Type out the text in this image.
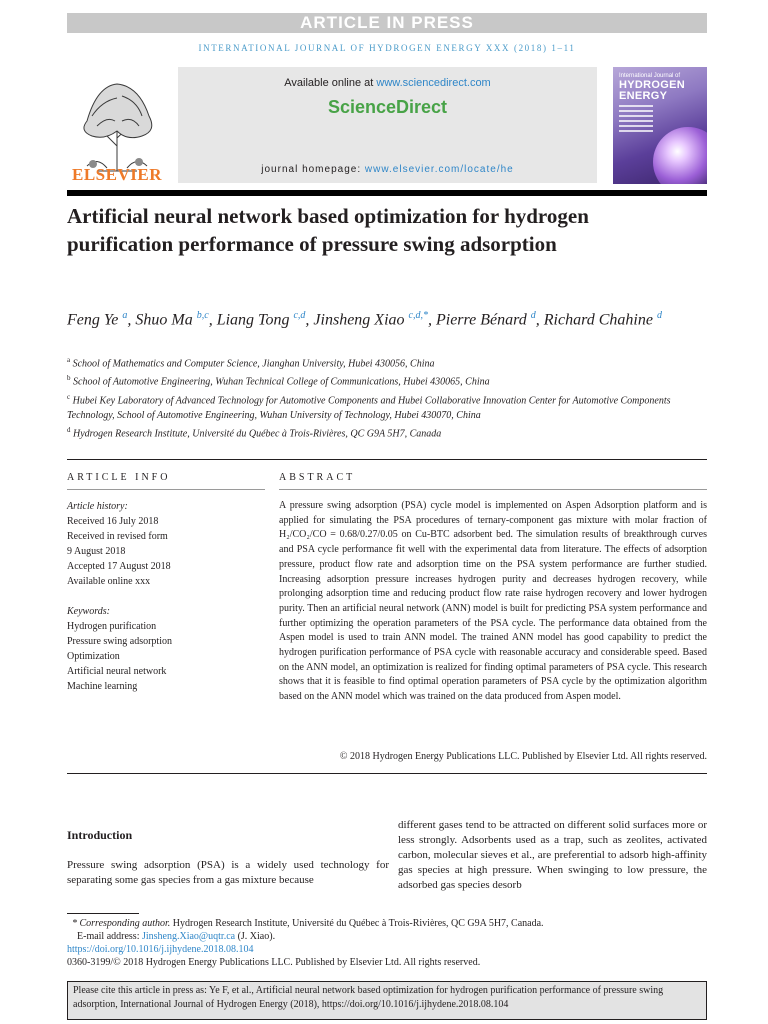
ARTICLE IN PRESS
INTERNATIONAL JOURNAL OF HYDROGEN ENERGY XXX (2018) 1–11
ELSEVIER
Available online at www.sciencedirect.com
ScienceDirect
journal homepage: www.elsevier.com/locate/he
International Journal of
HYDROGEN
ENERGY
Artificial neural network based optimization for hydrogen purification performance of pressure swing adsorption
Feng Ye $^a$, Shuo Ma $^{b,c}$, Liang Tong $^{c,d}$, Jinsheng Xiao $^{c,d,*}$, Pierre Bénard $^d$, Richard Chahine $^d$
$^a$ School of Mathematics and Computer Science, Jianghan University, Hubei 430056, China
$^b$ School of Automotive Engineering, Wuhan Technical College of Communications, Hubei 430065, China
$^c$ Hubei Key Laboratory of Advanced Technology for Automotive Components and Hubei Collaborative Innovation Center for Automotive Components Technology, School of Automotive Engineering, Wuhan University of Technology, Hubei 430070, China
$^d$ Hydrogen Research Institute, Université du Québec à Trois-Rivières, QC G9A 5H7, Canada
ARTICLE INFO	ABSTRACT
Article history:
Received 16 July 2018
Received in revised form
9 August 2018
Accepted 17 August 2018
Available online xxx
Keywords:
Hydrogen purification
Pressure swing adsorption
Optimization
Artificial neural network
Machine learning
A pressure swing adsorption (PSA) cycle model is implemented on Aspen Adsorption platform and is applied for simulating the PSA procedures of ternary-component gas mixture with molar fraction of H₂/CO₂/CO = 0.68/0.27/0.05 on Cu-BTC adsorbent bed. The simulation results of breakthrough curves and PSA cycle performance fit well with the experimental data from literature. The effects of adsorption pressure, product flow rate and adsorption time on the PSA system performance are further studied. Increasing adsorption pressure increases hydrogen purity and decreases hydrogen recovery, while prolonging adsorption time and reducing product flow rate raise hydrogen recovery and lower hydrogen purity. Then an artificial neural network (ANN) model is built for predicting PSA system performance and further optimizing the operation parameters of the PSA cycle. The performance data obtained from the Aspen model is used to train ANN model. The trained ANN model has good capability to predict the hydrogen purification performance of PSA cycle with reasonable accuracy and considerable speed. Based on the ANN model, an optimization is realized for finding optimal parameters of PSA cycle. This research shows that it is feasible to find optimal operation parameters of PSA cycle by the optimization algorithm based on the ANN model which was trained on the data produced from Aspen model.
© 2018 Hydrogen Energy Publications LLC. Published by Elsevier Ltd. All rights reserved.
Introduction
Pressure swing adsorption (PSA) is a widely used technology for separating some gas species from a gas mixture because
different gases tend to be attracted on different solid surfaces more or less strongly. Adsorbents used as a trap, such as zeolites, activated carbon, molecular sieves et al., are preferential to adsorb high-affinity gas species at high pressure. When swinging to low pressure, the adsorbed gas species desorb
* Corresponding author. Hydrogen Research Institute, Université du Québec à Trois-Rivières, QC G9A 5H7, Canada.
E-mail address: Jinsheng.Xiao@uqtr.ca (J. Xiao).
https://doi.org/10.1016/j.ijhydene.2018.08.104
0360-3199/© 2018 Hydrogen Energy Publications LLC. Published by Elsevier Ltd. All rights reserved.
Please cite this article in press as: Ye F, et al., Artificial neural network based optimization for hydrogen purification performance of pressure swing adsorption, International Journal of Hydrogen Energy (2018), https://doi.org/10.1016/j.ijhydene.2018.08.104
